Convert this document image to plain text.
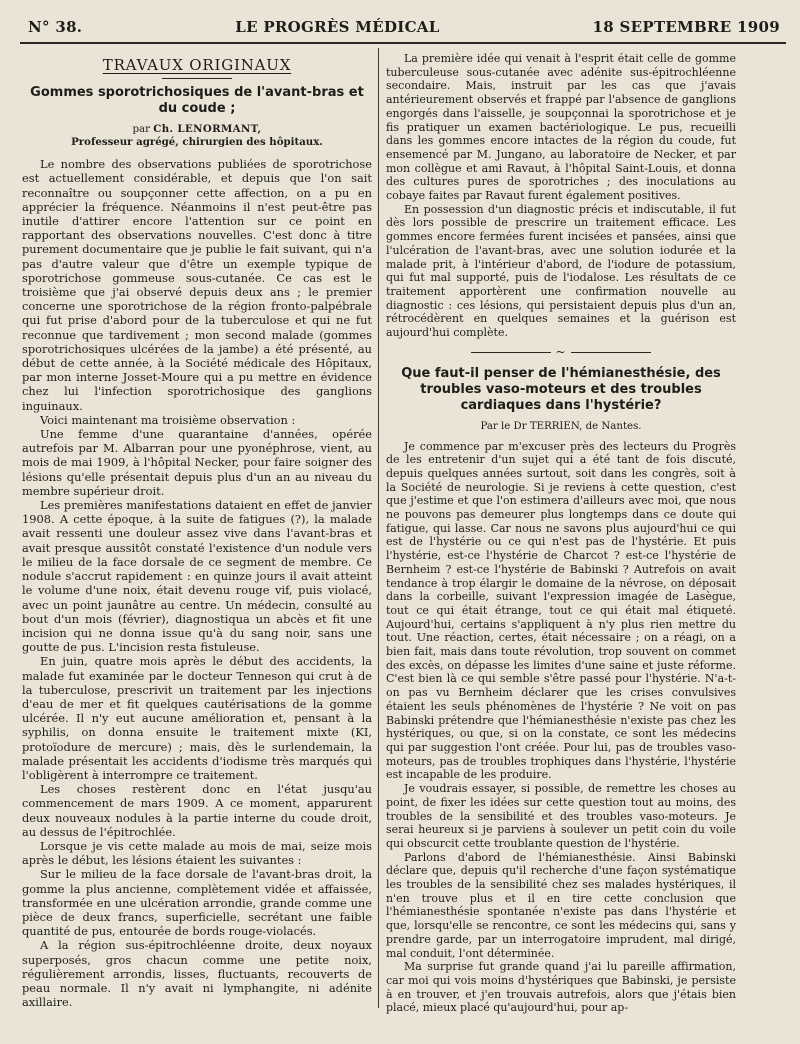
N° 38.	LE PROGRÈS MÉDICAL	18 SEPTEMBRE 1909
TRAVAUX ORIGINAUX
Gommes sporotrichosiques de l'avant-bras et du coude ;
par Ch. LENORMANT,
Professeur agrégé, chirurgien des hôpitaux.

Le nombre des observations publiées de sporotrichose est actuellement considérable, et depuis que l'on sait reconnaître ou soupçonner cette affection, on a pu en apprécier la fréquence. Néanmoins il n'est peut-être pas inutile d'attirer encore l'attention sur ce point en rapportant des observations nouvelles. C'est donc à titre purement documentaire que je publie le fait suivant, qui n'a pas d'autre valeur que d'être un exemple typique de sporotrichose gommeuse sous-cutanée. Ce cas est le troisième que j'ai observé depuis deux ans ; le premier concerne une sporotrichose de la région fronto-palpébrale qui fut prise d'abord pour de la tuberculose et qui ne fut reconnue que tardivement ; mon second malade (gommes sporotrichosiques ulcérées de la jambe) a été présenté, au début de cette année, à la Société médicale des Hôpitaux, par mon interne Josset-Moure qui a pu mettre en évidence chez lui l'infection sporotrichosique des ganglions inguinaux.

Voici maintenant ma troisième observation :

Une femme d'une quarantaine d'années, opérée autrefois par M. Albarran pour une pyonéphrose, vient, au mois de mai 1909, à l'hôpital Necker, pour faire soigner des lésions qu'elle présentait depuis plus d'un an au niveau du membre supérieur droit.

Les premières manifestations dataient en effet de janvier 1908. A cette époque, à la suite de fatigues (?), la malade avait ressenti une douleur assez vive dans l'avant-bras et avait presque aussitôt constaté l'existence d'un nodule vers le milieu de la face dorsale de ce segment de membre. Ce nodule s'accrut rapidement : en quinze jours il avait atteint le volume d'une noix, était devenu rouge vif, puis violacé, avec un point jaunâtre au centre. Un médecin, consulté au bout d'un mois (février), diagnostiqua un abcès et fit une incision qui ne donna issue qu'à du sang noir, sans une goutte de pus. L'incision resta fistuleuse.

En juin, quatre mois après le début des accidents, la malade fut examinée par le docteur Tenneson qui crut à de la tuberculose, prescrivit un traitement par les injections d'eau de mer et fit quelques cautérisations de la gomme ulcérée. Il n'y eut aucune amélioration et, pensant à la syphilis, on donna ensuite le traitement mixte (KI, protoïodure de mercure) ; mais, dès le surlendemain, la malade présentait les accidents d'iodisme très marqués qui l'obligèrent à interrompre ce traitement.

Les choses restèrent donc en l'état jusqu'au commencement de mars 1909. A ce moment, apparurent deux nouveaux nodules à la partie interne du coude droit, au dessus de l'épitrochlée.

Lorsque je vis cette malade au mois de mai, seize mois après le début, les lésions étaient les suivantes :

Sur le milieu de la face dorsale de l'avant-bras droit, la gomme la plus ancienne, complètement vidée et affaissée, transformée en une ulcération arrondie, grande comme une pièce de deux francs, superficielle, secrétant une faible quantité de pus, entourée de bords rouge-violacés.

A la région sus-épitrochléenne droite, deux noyaux superposés, gros chacun comme une petite noix, régulièrement arrondis, lisses, fluctuants, recouverts de peau normale. Il n'y avait ni lymphangite, ni adénite axillaire.

La première idée qui venait à l'esprit était celle de gomme tuberculeuse sous-cutanée avec adénite sus-épitrochléenne secondaire. Mais, instruit par les cas que j'avais antérieurement observés et frappé par l'absence de ganglions engorgés dans l'aisselle, je soupçonnai la sporotrichose et je fis pratiquer un examen bactériologique. Le pus, recueilli dans les gommes encore intactes de la région du coude, fut ensemencé par M. Jungano, au laboratoire de Necker, et par mon collègue et ami Ravaut, à l'hôpital Saint-Louis, et donna des cultures pures de sporotriches ; des inoculations au cobaye faites par Ravaut furent également positives.

En possession d'un diagnostic précis et indiscutable, il fut dès lors possible de prescrire un traitement efficace. Les gommes encore fermées furent incisées et pansées, ainsi que l'ulcération de l'avant-bras, avec une solution iodurée et la malade prit, à l'intérieur d'abord, de l'iodure de potassium, qui fut mal supporté, puis de l'iodalose. Les résultats de ce traitement apportèrent une confirmation nouvelle au diagnostic : ces lésions, qui persistaient depuis plus d'un an, rétrocédèrent en quelques semaines et la guérison est aujourd'hui complète.

~
Que faut-il penser de l'hémianesthésie, des troubles vaso-moteurs et des troubles cardiaques dans l'hystérie?
Par le Dr TERRIEN, de Nantes.

Je commence par m'excuser près des lecteurs du Progrès de les entretenir d'un sujet qui a été tant de fois discuté, depuis quelques années surtout, soit dans les congrès, soit à la Société de neurologie. Si je reviens à cette question, c'est que j'estime et que l'on estimera d'ailleurs avec moi, que nous ne pouvons pas demeurer plus longtemps dans ce doute qui fatigue, qui lasse. Car nous ne savons plus aujourd'hui ce qui est de l'hystérie ou ce qui n'est pas de l'hystérie. Et puis l'hystérie, est-ce l'hystérie de Charcot ? est-ce l'hystérie de Bernheim ? est-ce l'hystérie de Babinski ? Autrefois on avait tendance à trop élargir le domaine de la névrose, on déposait dans la corbeille, suivant l'expression imagée de Lasègue, tout ce qui était étrange, tout ce qui était mal étiqueté. Aujourd'hui, certains s'appliquent à n'y plus rien mettre du tout. Une réaction, certes, était nécessaire ; on a réagi, on a bien fait, mais dans toute révolution, trop souvent on commet des excès, on dépasse les limites d'une saine et juste réforme. C'est bien là ce qui semble s'être passé pour l'hystérie. N'a-t-on pas vu Bernheim déclarer que les crises convulsives étaient les seuls phénomènes de l'hystérie ? Ne voit on pas Babinski prétendre que l'hémianesthésie n'existe pas chez les hystériques, ou que, si on la constate, ce sont les médecins qui par suggestion l'ont créée. Pour lui, pas de troubles vaso-moteurs, pas de troubles trophiques dans l'hystérie, l'hystérie est incapable de les produire.

Je voudrais essayer, si possible, de remettre les choses au point, de fixer les idées sur cette question tout au moins, des troubles de la sensibilité et des troubles vaso-moteurs. Je serai heureux si je parviens à soulever un petit coin du voile qui obscurcit cette troublante question de l'hystérie.

Parlons d'abord de l'hémianesthésie. Ainsi Babinski déclare que, depuis qu'il recherche d'une façon systématique les troubles de la sensibilité chez ses malades hystériques, il n'en trouve plus et il en tire cette conclusion que l'hémianesthésie spontanée n'existe pas dans l'hystérie et que, lorsqu'elle se rencontre, ce sont les médecins qui, sans y prendre garde, par un interrogatoire imprudent, mal dirigé, mal conduit, l'ont déterminée.

Ma surprise fut grande quand j'ai lu pareille affirmation, car moi qui vois moins d'hystériques que Babinski, je persiste à en trouver, et j'en trouvais autrefois, alors que j'étais bien placé, mieux placé qu'aujourd'hui, pour ap-
